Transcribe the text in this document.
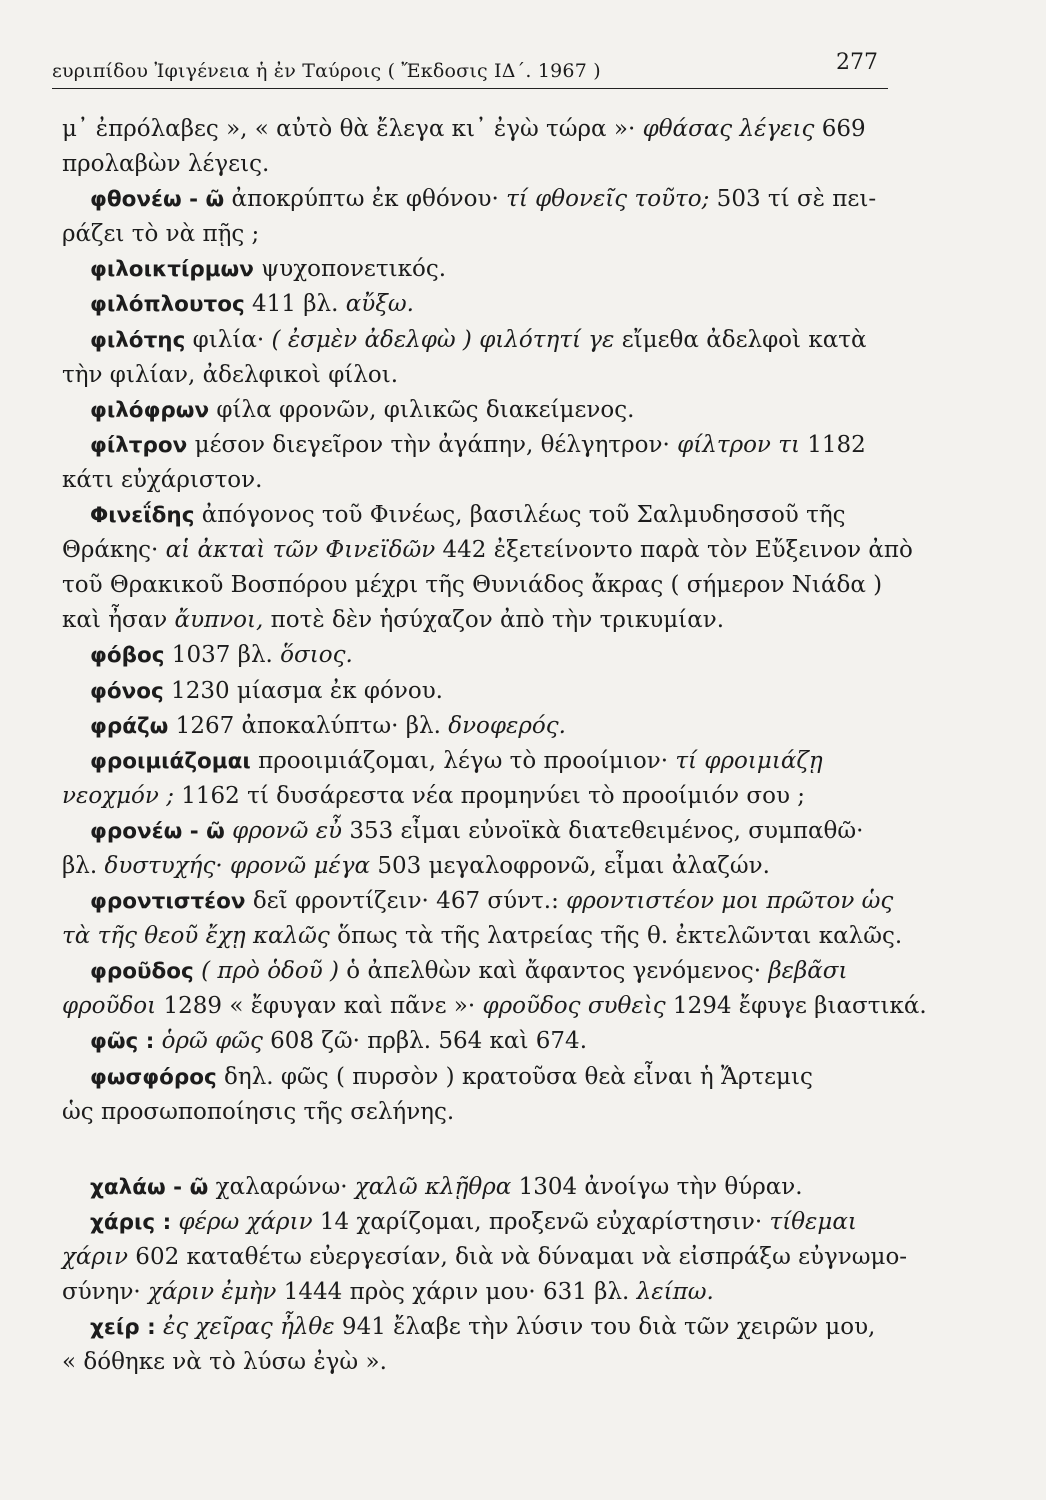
ευριπίδου Ἰφιγένεια ἡ ἐν Ταύροις ( Ἔκδοσις ΙΔ΄. 1967 )	277
μ᾽ ἐπρόλαβες », « αὐτὸ θὰ ἔλεγα κι᾽ ἐγὼ τώρα »· φθάσας λέγεις 669
προλαβὼν λέγεις.
φθονέω - ῶ ἀποκρύπτω ἐκ φθόνου· τί φθονεῖς τοῦτο; 503 τί σὲ πει-
ράζει τὸ νὰ πῇς ;
φιλοικτίρμων ψυχοπονετικός.
φιλόπλουτος 411 βλ. αὔξω.
φιλότης φιλία· ( ἐσμὲν ἀδελφὼ ) φιλότητί γε εἴμεθα ἀδελφοὶ κατὰ
τὴν φιλίαν, ἀδελφικοὶ φίλοι.
φιλόφρων φίλα φρονῶν, φιλικῶς διακείμενος.
φίλτρον μέσον διεγεῖρον τὴν ἀγάπην, θέλγητρον· φίλτρον τι 1182
κάτι εὐχάριστον.
Φινεΐδης ἀπόγονος τοῦ Φινέως, βασιλέως τοῦ Σαλμυδησσοῦ τῆς
Θράκης· αἱ ἀκταὶ τῶν Φινεϊδῶν 442 ἐξετείνοντο παρὰ τὸν Εὔξεινον ἀπὸ
τοῦ Θρακικοῦ Βοσπόρου μέχρι τῆς Θυνιάδος ἄκρας ( σήμερον Νιάδα )
καὶ ἦσαν ἄυπνοι, ποτὲ δὲν ἡσύχαζον ἀπὸ τὴν τρικυμίαν.
φόβος 1037 βλ. ὅσιος.
φόνος 1230 μίασμα ἐκ φόνου.
φράζω 1267 ἀποκαλύπτω· βλ. δνοφερός.
φροιμιάζομαι προοιμιάζομαι, λέγω τὸ προοίμιον· τί φροιμιάζῃ
νεοχμόν ; 1162 τί δυσάρεστα νέα προμηνύει τὸ προοίμιόν σου ;
φρονέω - ῶ φρονῶ εὖ 353 εἶμαι εὐνοϊκὰ διατεθειμένος, συμπαθῶ·
βλ. δυστυχής· φρονῶ μέγα 503 μεγαλοφρονῶ, εἶμαι ἀλαζών.
φροντιστέον δεῖ φροντίζειν· 467 σύντ.: φροντιστέον μοι πρῶτον ὡς
τὰ τῆς θεοῦ ἔχῃ καλῶς ὅπως τὰ τῆς λατρείας τῆς θ. ἐκτελῶνται καλῶς.
φροῦδος ( πρὸ ὁδοῦ ) ὁ ἀπελθὼν καὶ ἄφαντος γενόμενος· βεβᾶσι
φροῦδοι 1289 « ἔφυγαν καὶ πᾶνε »· φροῦδος συθεὶς 1294 ἔφυγε βιαστικά.
φῶς : ὁρῶ φῶς 608 ζῶ· πρβλ. 564 καὶ 674.
φωσφόρος δηλ. φῶς ( πυρσὸν ) κρατοῦσα θεὰ εἶναι ἡ Ἄρτεμις
ὡς προσωποποίησις τῆς σελήνης.
χαλάω - ῶ χαλαρώνω· χαλῶ κλῇθρα 1304 ἀνοίγω τὴν θύραν.
χάρις : φέρω χάριν 14 χαρίζομαι, προξενῶ εὐχαρίστησιν· τίθεμαι
χάριν 602 καταθέτω εὐεργεσίαν, διὰ νὰ δύναμαι νὰ εἰσπράξω εὐγνωμο-
σύνην· χάριν ἐμὴν 1444 πρὸς χάριν μου· 631 βλ. λείπω.
χείρ : ἐς χεῖρας ἦλθε 941 ἔλαβε τὴν λύσιν του διὰ τῶν χειρῶν μου,
« δόθηκε νὰ τὸ λύσω ἐγὼ ».
